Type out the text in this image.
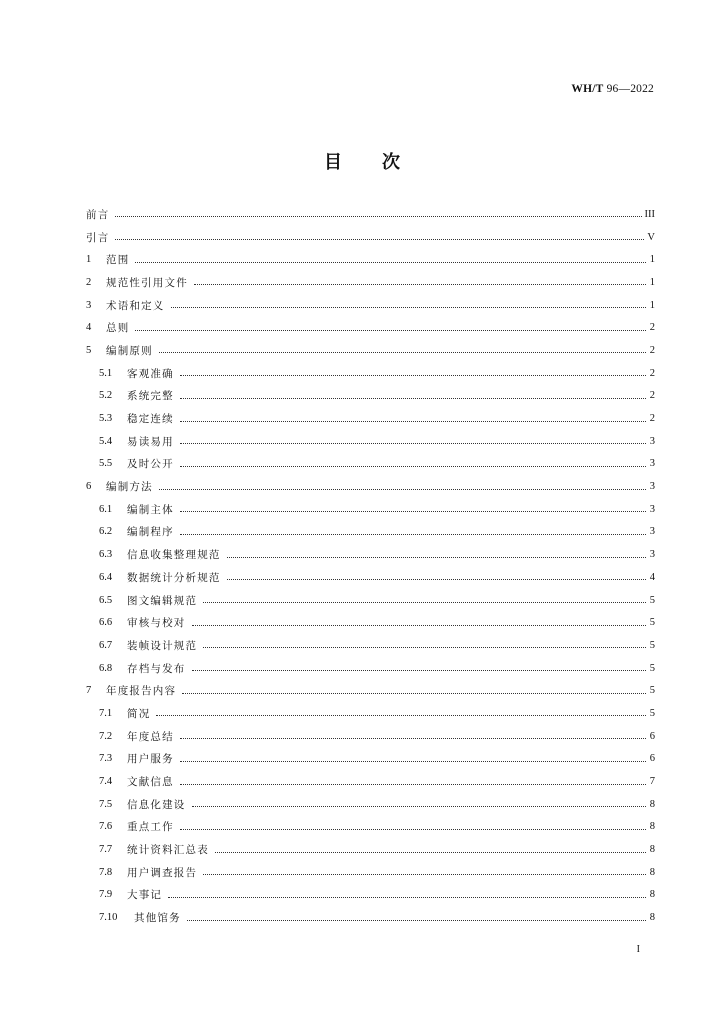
WH/T 96—2022
目 次
前言	III
引言	V
1	范围	1
2	规范性引用文件	1
3	术语和定义	1
4	总则	2
5	编制原则	2
5.1	客观准确	2
5.2	系统完整	2
5.3	稳定连续	2
5.4	易读易用	3
5.5	及时公开	3
6	编制方法	3
6.1	编制主体	3
6.2	编制程序	3
6.3	信息收集整理规范	3
6.4	数据统计分析规范	4
6.5	图文编辑规范	5
6.6	审核与校对	5
6.7	装帧设计规范	5
6.8	存档与发布	5
7	年度报告内容	5
7.1	简况	5
7.2	年度总结	6
7.3	用户服务	6
7.4	文献信息	7
7.5	信息化建设	8
7.6	重点工作	8
7.7	统计资料汇总表	8
7.8	用户调查报告	8
7.9	大事记	8
7.10	其他馆务	8
I
